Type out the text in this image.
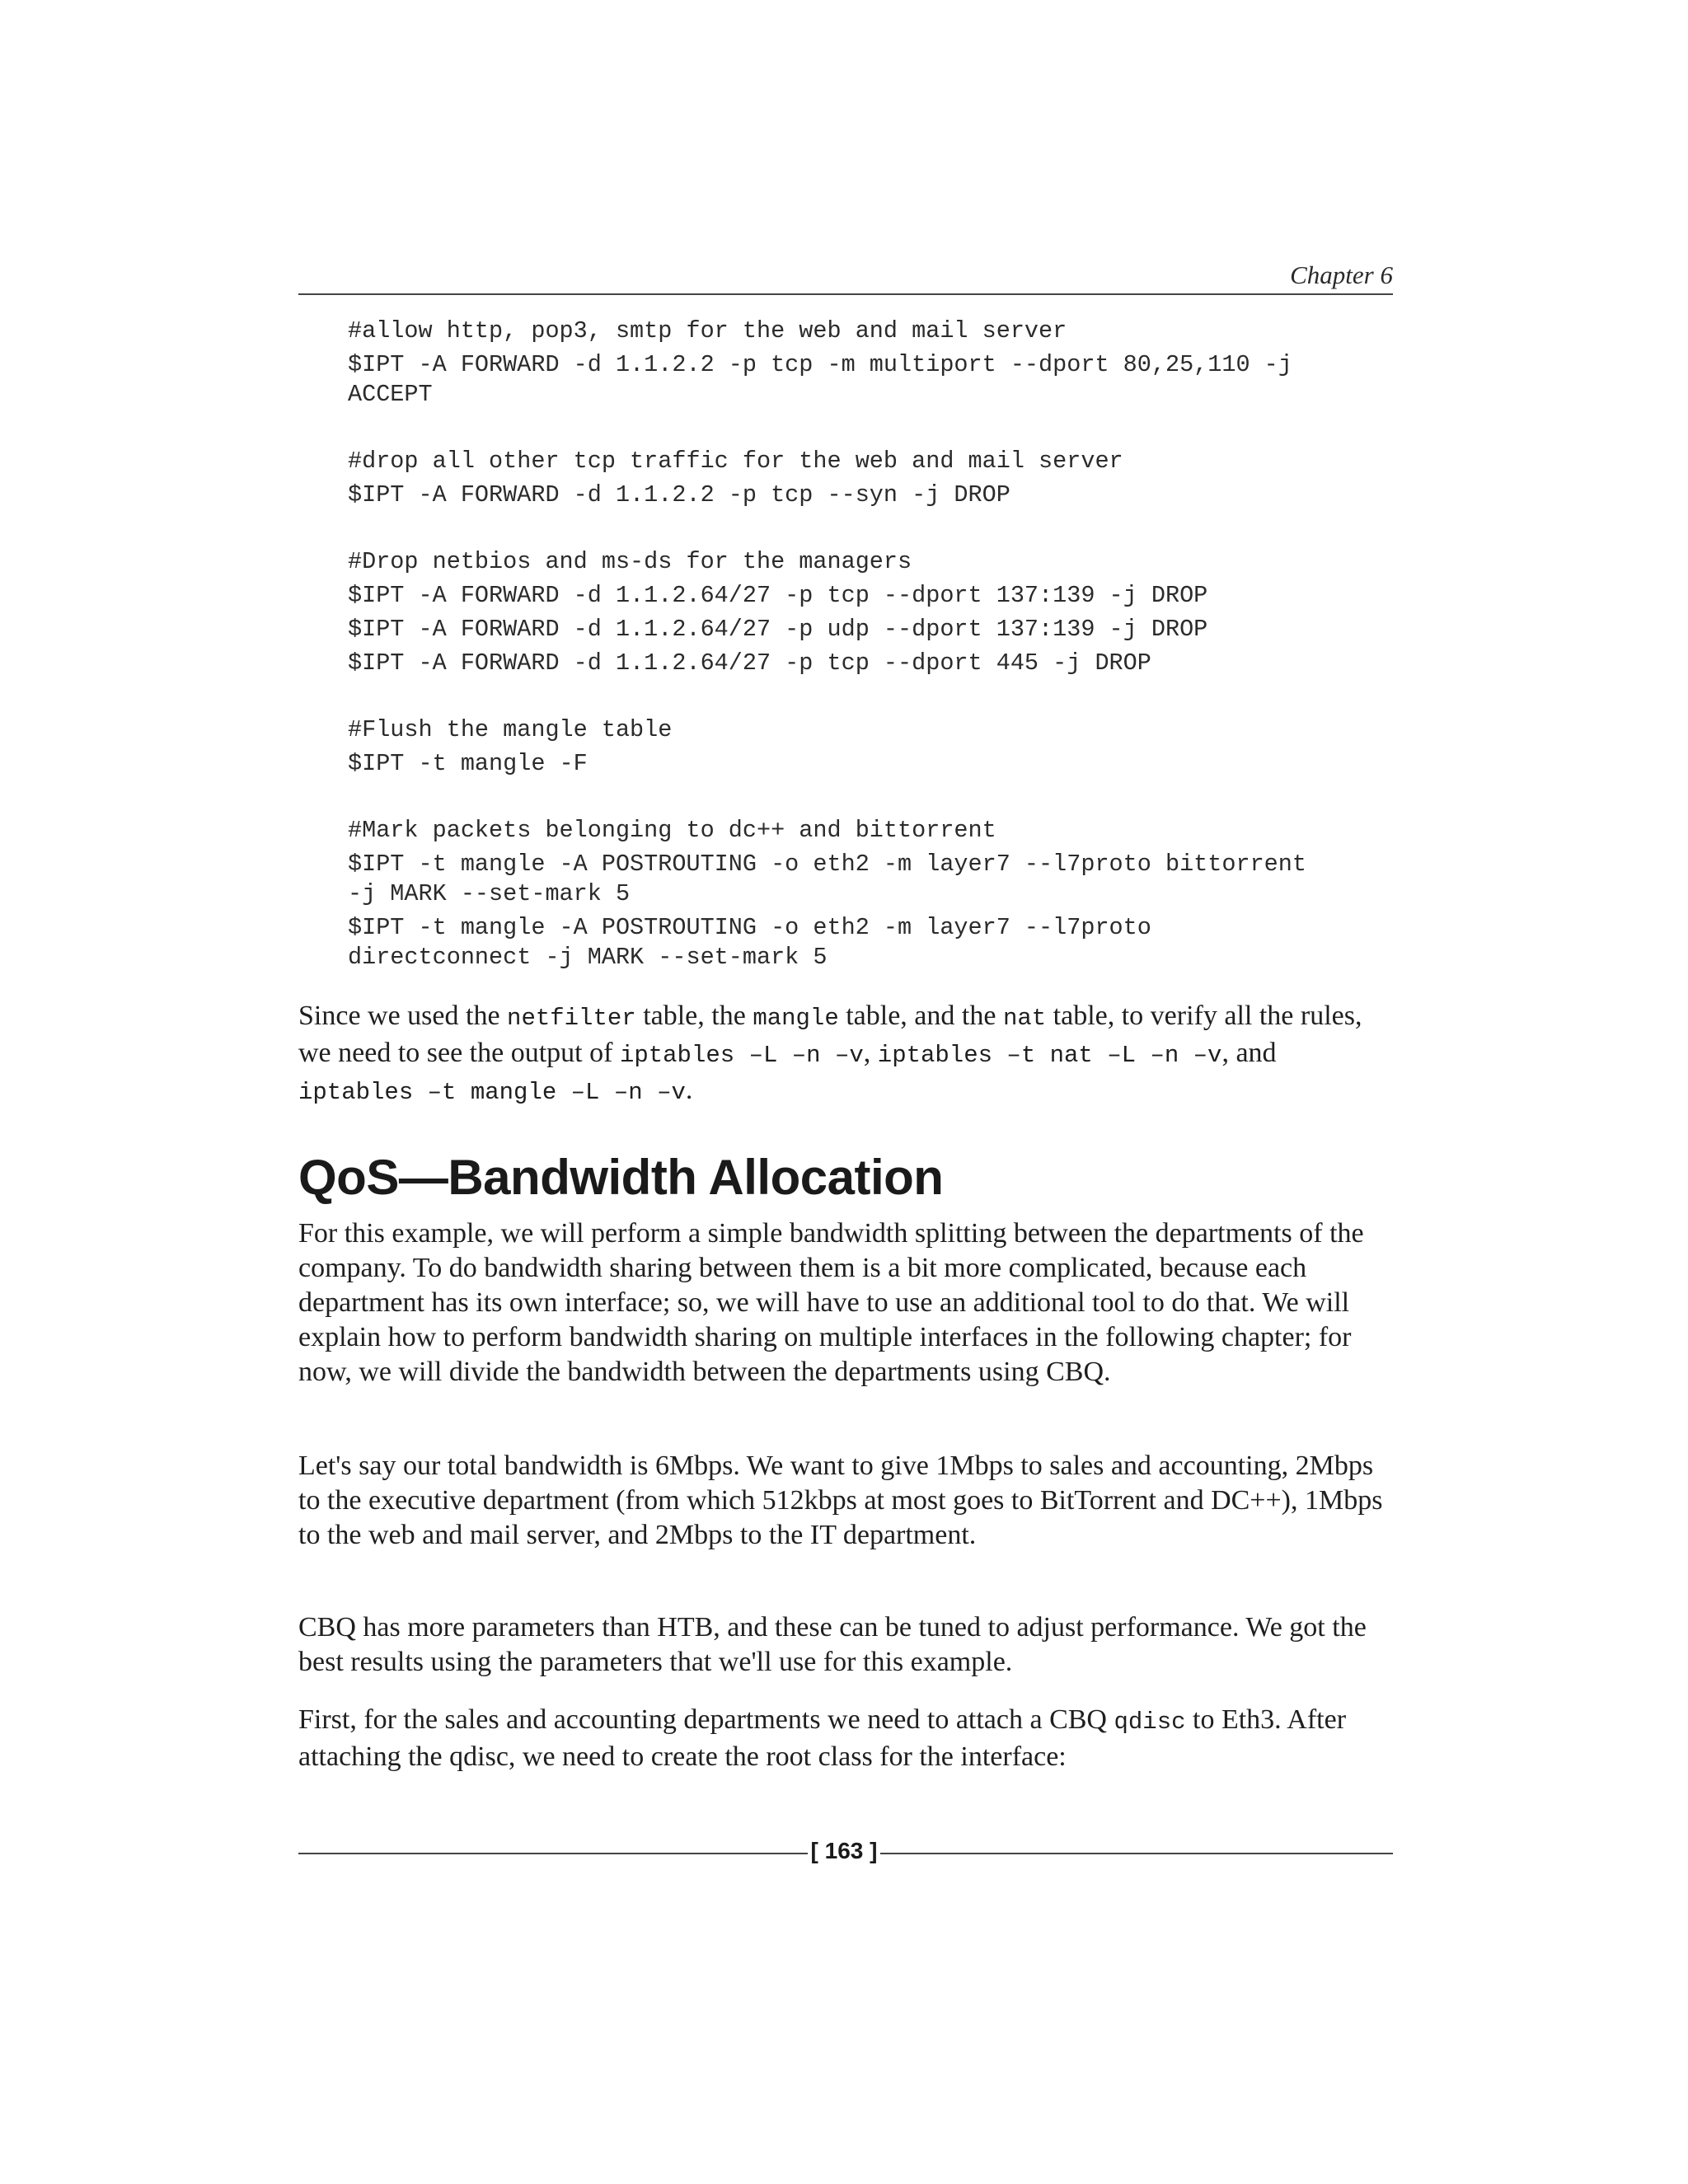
Chapter 6
#allow http, pop3, smtp for the web and mail server
$IPT -A FORWARD -d 1.1.2.2 -p tcp -m multiport --dport 80,25,110 -j
ACCEPT
#drop all other tcp traffic for the web and mail server
$IPT -A FORWARD -d 1.1.2.2 -p tcp --syn -j DROP
#Drop netbios and ms-ds for the managers
$IPT -A FORWARD -d 1.1.2.64/27 -p tcp --dport 137:139 -j DROP
$IPT -A FORWARD -d 1.1.2.64/27 -p udp --dport 137:139 -j DROP
$IPT -A FORWARD -d 1.1.2.64/27 -p tcp --dport 445 -j DROP
#Flush the mangle table
$IPT -t mangle -F
#Mark packets belonging to dc++ and bittorrent
$IPT -t mangle -A POSTROUTING -o eth2 -m layer7 --l7proto bittorrent
-j MARK --set-mark 5
$IPT -t mangle -A POSTROUTING -o eth2 -m layer7 --l7proto
directconnect -j MARK --set-mark 5

Since we used the netfilter table, the mangle table, and the nat table, to verify all the rules, we need to see the output of iptables –L –n –v, iptables –t nat –L –n –v, and iptables –t mangle –L –n –v.

QoS—Bandwidth Allocation

For this example, we will perform a simple bandwidth splitting between the departments of the company. To do bandwidth sharing between them is a bit more complicated, because each department has its own interface; so, we will have to use an additional tool to do that. We will explain how to perform bandwidth sharing on multiple interfaces in the following chapter; for now, we will divide the bandwidth between the departments using CBQ.

Let's say our total bandwidth is 6Mbps. We want to give 1Mbps to sales and accounting, 2Mbps to the executive department (from which 512kbps at most goes to BitTorrent and DC++), 1Mbps to the web and mail server, and 2Mbps to the IT department.

CBQ has more parameters than HTB, and these can be tuned to adjust performance. We got the best results using the parameters that we'll use for this example.

First, for the sales and accounting departments we need to attach a CBQ qdisc to Eth3. After attaching the qdisc, we need to create the root class for the interface:

[ 163 ]
